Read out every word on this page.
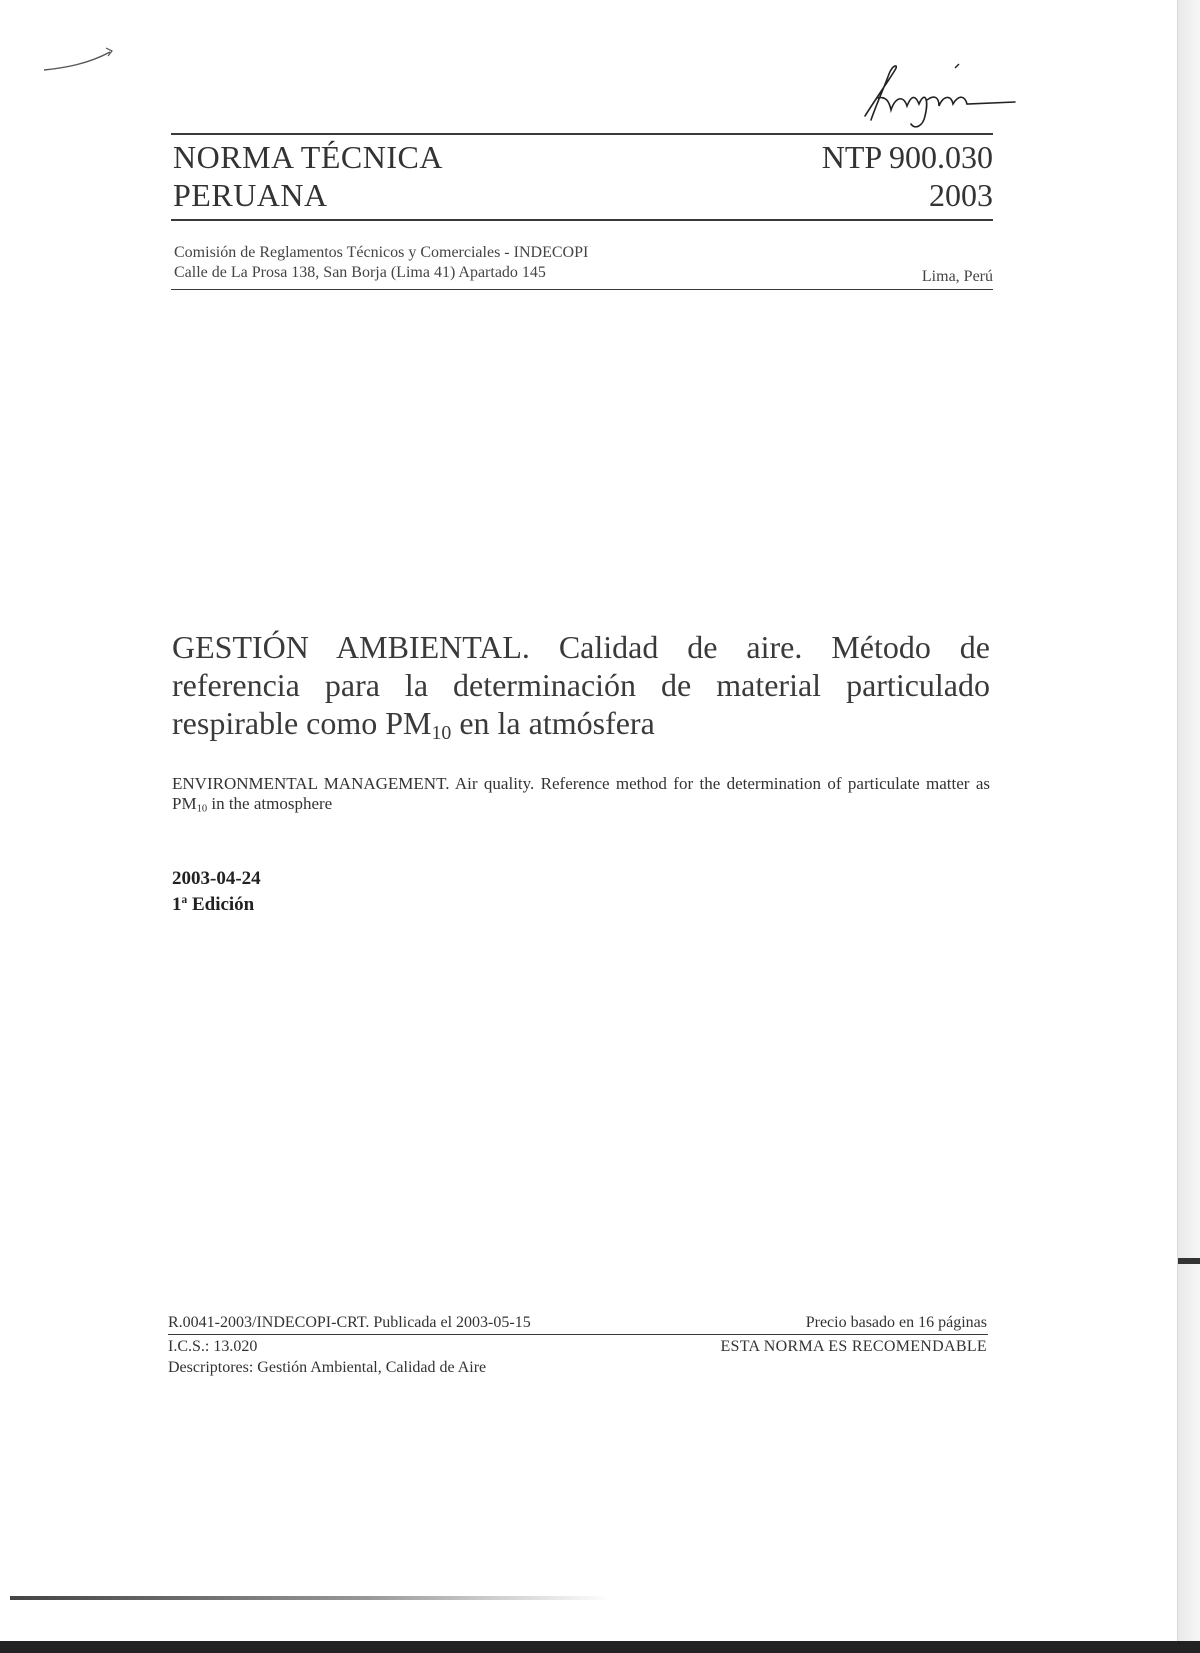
NORMA TÉCNICA
PERUANA
NTP 900.030
2003
Comisión de Reglamentos Técnicos y Comerciales - INDECOPI
Calle de La Prosa 138, San Borja (Lima 41) Apartado 145	Lima, Perú
GESTIÓN AMBIENTAL. Calidad de aire. Método de referencia para la determinación de material particulado respirable como $PM_{10}$ en la atmósfera
ENVIRONMENTAL MANAGEMENT. Air quality. Reference method for the determination of particulate matter as $PM_{10}$ in the atmosphere
2003-04-24
1$^a$ Edición
R.0041-2003/INDECOPI-CRT. Publicada el 2003-05-15
I.C.S.: 13.020
Descriptores: Gestión Ambiental, Calidad de Aire
Precio basado en 16 páginas
ESTA NORMA ES RECOMENDABLE
